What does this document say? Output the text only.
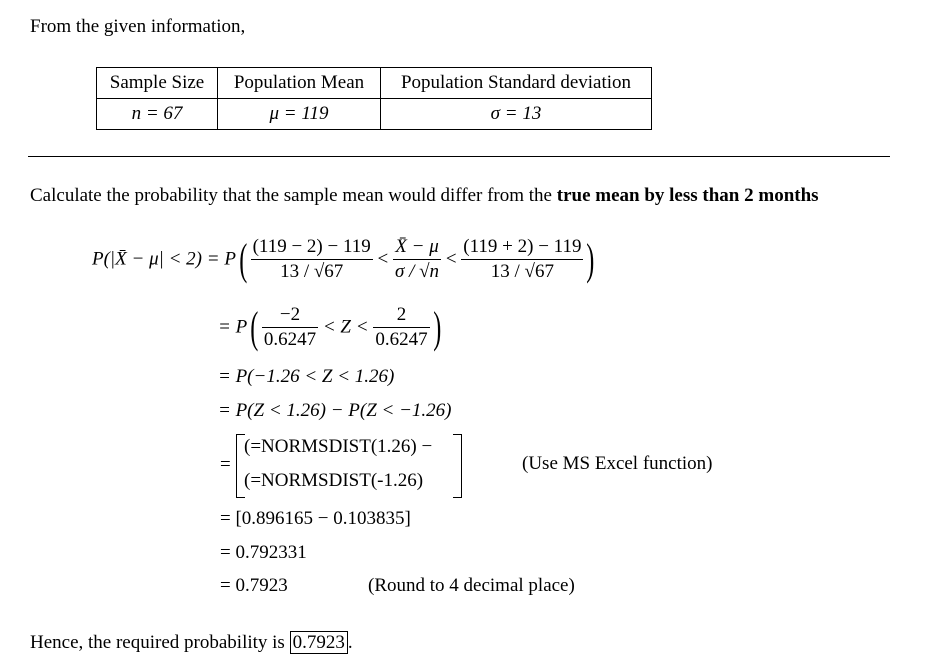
From the given information,
Sample Size	Population Mean	Population Standard deviation
n = 67	μ = 119	σ = 13
Calculate the probability that the sample mean would differ from the true mean by less than 2 months
P(|X̄ − $\mu| < 2) = P( \frac{(119 - 2) - 119}{13 / √67} < \frac{X̄ - \mu}{\sigma / √n} < \frac{(119 + 2) - 119}{13 / √67}$ )
= $P( \frac{-2}{0.6247} < Z < \frac{2}{0.6247}$ )
= P(−1.26 < Z < 1.26)
= P(Z < 1.26) − P(Z < −1.26)
=
(=NORMSDIST(1.26) −
(=NORMSDIST(-1.26)
(Use MS Excel function)
= [0.896165 − 0.103835]
= 0.792331
= 0.7923	(Round to 4 decimal place)
Hence, the required probability is 0.7923 .
